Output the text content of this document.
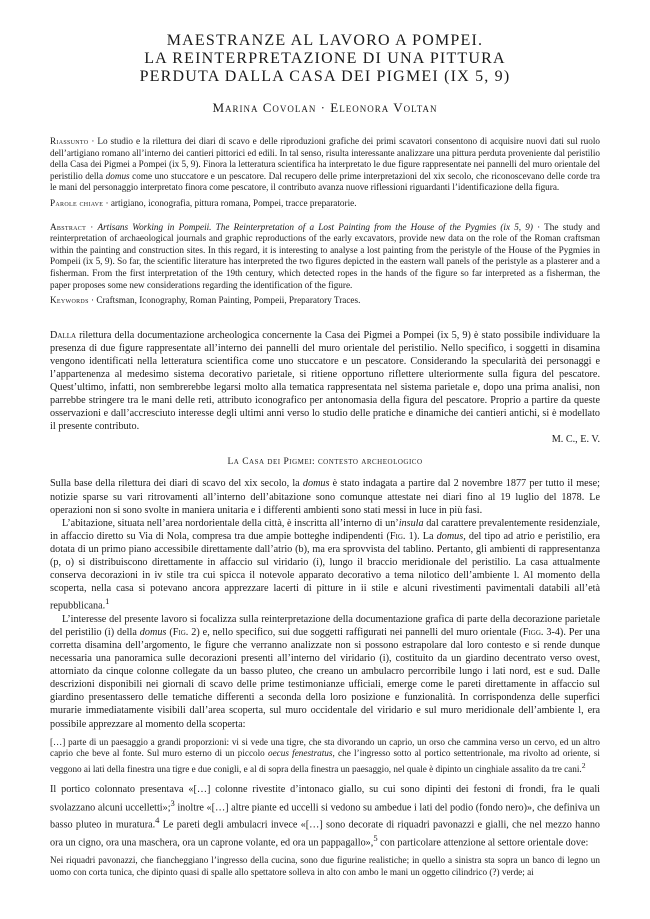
MAESTRANZE AL LAVORO A POMPEI.
LA REINTERPRETAZIONE DI UNA PITTURA
PERDUTA DALLA CASA DEI PIGMEI (IX 5, 9)
Marina Covolan · Eleonora Voltan

Riassunto · Lo studio e la rilettura dei diari di scavo e delle riproduzioni grafiche dei primi scavatori consentono di acquisire nuovi dati sul ruolo dell’artigiano romano all’interno dei cantieri pittorici ed edili. In tal senso, risulta interessante analizzare una pittura perduta proveniente dal peristilio della Casa dei Pigmei a Pompei (ix 5, 9). Finora la letteratura scientifica ha interpretato le due figure rappresentate nei pannelli del muro orientale del peristilio della domus come uno stuccatore e un pescatore. Dal recupero delle prime interpretazioni del xix secolo, che riconoscevano delle corde tra le mani del personaggio interpretato finora come pescatore, il contributo avanza nuove riflessioni riguardanti l’identificazione della figura.

Parole chiave · artigiano, iconografia, pittura romana, Pompei, tracce preparatorie.

Abstract · Artisans Working in Pompeii. The Reinterpretation of a Lost Painting from the House of the Pygmies (ix 5, 9) · The study and reinterpretation of archaeological journals and graphic reproductions of the early excavators, provide new data on the role of the Roman craftsman within the painting and construction sites. In this regard, it is interesting to analyse a lost painting from the peristyle of the House of the Pygmies in Pompeii (ix 5, 9). So far, the scientific literature has interpreted the two figures depicted in the eastern wall panels of the peristyle as a plasterer and a fisherman. From the first interpretation of the 19th century, which detected ropes in the hands of the figure so far interpreted as a fisherman, the paper proposes some new considerations regarding the identification of the figure.

Keywords · Craftsman, Iconography, Roman Painting, Pompeii, Preparatory Traces.

Dalla rilettura della documentazione archeologica concernente la Casa dei Pigmei a Pompei (ix 5, 9) è stato possibile individuare la presenza di due figure rappresentate all’interno dei pannelli del muro orientale del peristilio. Nello specifico, i soggetti in disamina vengono identificati nella letteratura scientifica come uno stuccatore e un pescatore. Considerando la specularità dei personaggi e l’appartenenza al medesimo sistema decorativo parietale, si ritiene opportuno riflettere ulteriormente sulla figura del pescatore. Quest’ultimo, infatti, non sembrerebbe legarsi molto alla tematica rappresentata nel sistema parietale e, dopo una prima analisi, non parrebbe stringere tra le mani delle reti, attributo iconografico per antonomasia della figura del pescatore. Proprio a partire da queste osservazioni e dall’accresciuto interesse degli ultimi anni verso lo studio delle pratiche e dinamiche dei cantieri antichi, si è modellato il presente contributo.

M. C., E. V.

La Casa dei Pigmei: contesto archeologico

Sulla base della rilettura dei diari di scavo del xix secolo, la domus è stato indagata a partire dal 2 novembre 1877 per tutto il mese; notizie sparse su vari ritrovamenti all’interno dell’abitazione sono comunque attestate nei diari fino al 19 luglio del 1878. Le operazioni non si sono svolte in maniera unitaria e i differenti ambienti sono stati messi in luce in più fasi.

L’abitazione, situata nell’area nordorientale della città, è inscritta all’interno di un’insula dal carattere prevalentemente residenziale, in affaccio diretto su Via di Nola, compresa tra due ampie botteghe indipendenti (Fig. 1). La domus, del tipo ad atrio e peristilio, era dotata di un primo piano accessibile direttamente dall’atrio (b), ma era sprovvista del tablino. Pertanto, gli ambienti di rappresentanza (p, o) si distribuiscono direttamente in affaccio sul viridario (i), lungo il braccio meridionale del peristilio. La casa attualmente conserva decorazioni in iv stile tra cui spicca il notevole apparato decorativo a tema nilotico dell’ambiente l. Al momento della scoperta, nella casa si potevano ancora apprezzare lacerti di pitture in ii stile e alcuni rivestimenti pavimentali databili all’età repubblicana.$^1$

L’interesse del presente lavoro si focalizza sulla reinterpretazione della documentazione grafica di parte della decorazione parietale del peristilio (i) della domus (Fig. 2) e, nello specifico, sui due soggetti raffigurati nei pannelli del muro orientale (Figg. 3-4). Per una corretta disamina dell’argomento, le figure che verranno analizzate non si possono estrapolare dal loro contesto e si rende dunque necessaria una panoramica sulle decorazioni presenti all’interno del viridario (i), costituito da un giardino decentrato verso ovest, attorniato da cinque colonne collegate da un basso pluteo, che creano un ambulacro percorribile lungo i lati nord, est e sud. Dalle descrizioni disponibili nei giornali di scavo delle prime testimonianze ufficiali, emerge come le pareti direttamente in affaccio sul giardino presentassero delle tematiche differenti a seconda della loro posizione e funzionalità. In corrispondenza delle superfici murarie immediatamente visibili dall’area scoperta, sul muro occidentale del viridario e sul muro meridionale dell’ambiente l, era possibile apprezzare al momento della scoperta:

[…] parte di un paesaggio a grandi proporzioni: vi si vede una tigre, che sta divorando un caprio, un orso che cammina verso un cervo, ed un altro caprio che beve al fonte. Sul muro esterno di un piccolo oecus fenestratus, che l’ingresso sotto al portico settentrionale, ma rivolto ad oriente, si veggono ai lati della finestra una tigre e due conigli, e al di sopra della finestra un paesaggio, nel quale è dipinto un cinghiale assalito da tre cani.$^2$

Il portico colonnato presentava «[…] colonne rivestite d’intonaco giallo, su cui sono dipinti dei festoni di frondi, fra le quali svolazzano alcuni uccelletti»;$^3$ inoltre «[…] altre piante ed uccelli si vedono su ambedue i lati del podio (fondo nero)», che definiva un basso pluteo in muratura.$^4$ Le pareti degli ambulacri invece «[…] sono decorate di riquadri pavonazzi e gialli, che nel mezzo hanno ora un cigno, ora una maschera, ora un caprone volante, ed ora un pappagallo»,$^5$ con particolare attenzione al settore orientale dove:

Nei riquadri pavonazzi, che fiancheggiano l’ingresso della cucina, sono due figurine realistiche; in quello a sinistra sta sopra un banco di legno un uomo con corta tunica, che dipinto quasi di spalle allo spettatore solleva in alto con ambo le mani un oggetto cilindrico (?) verde; ai
